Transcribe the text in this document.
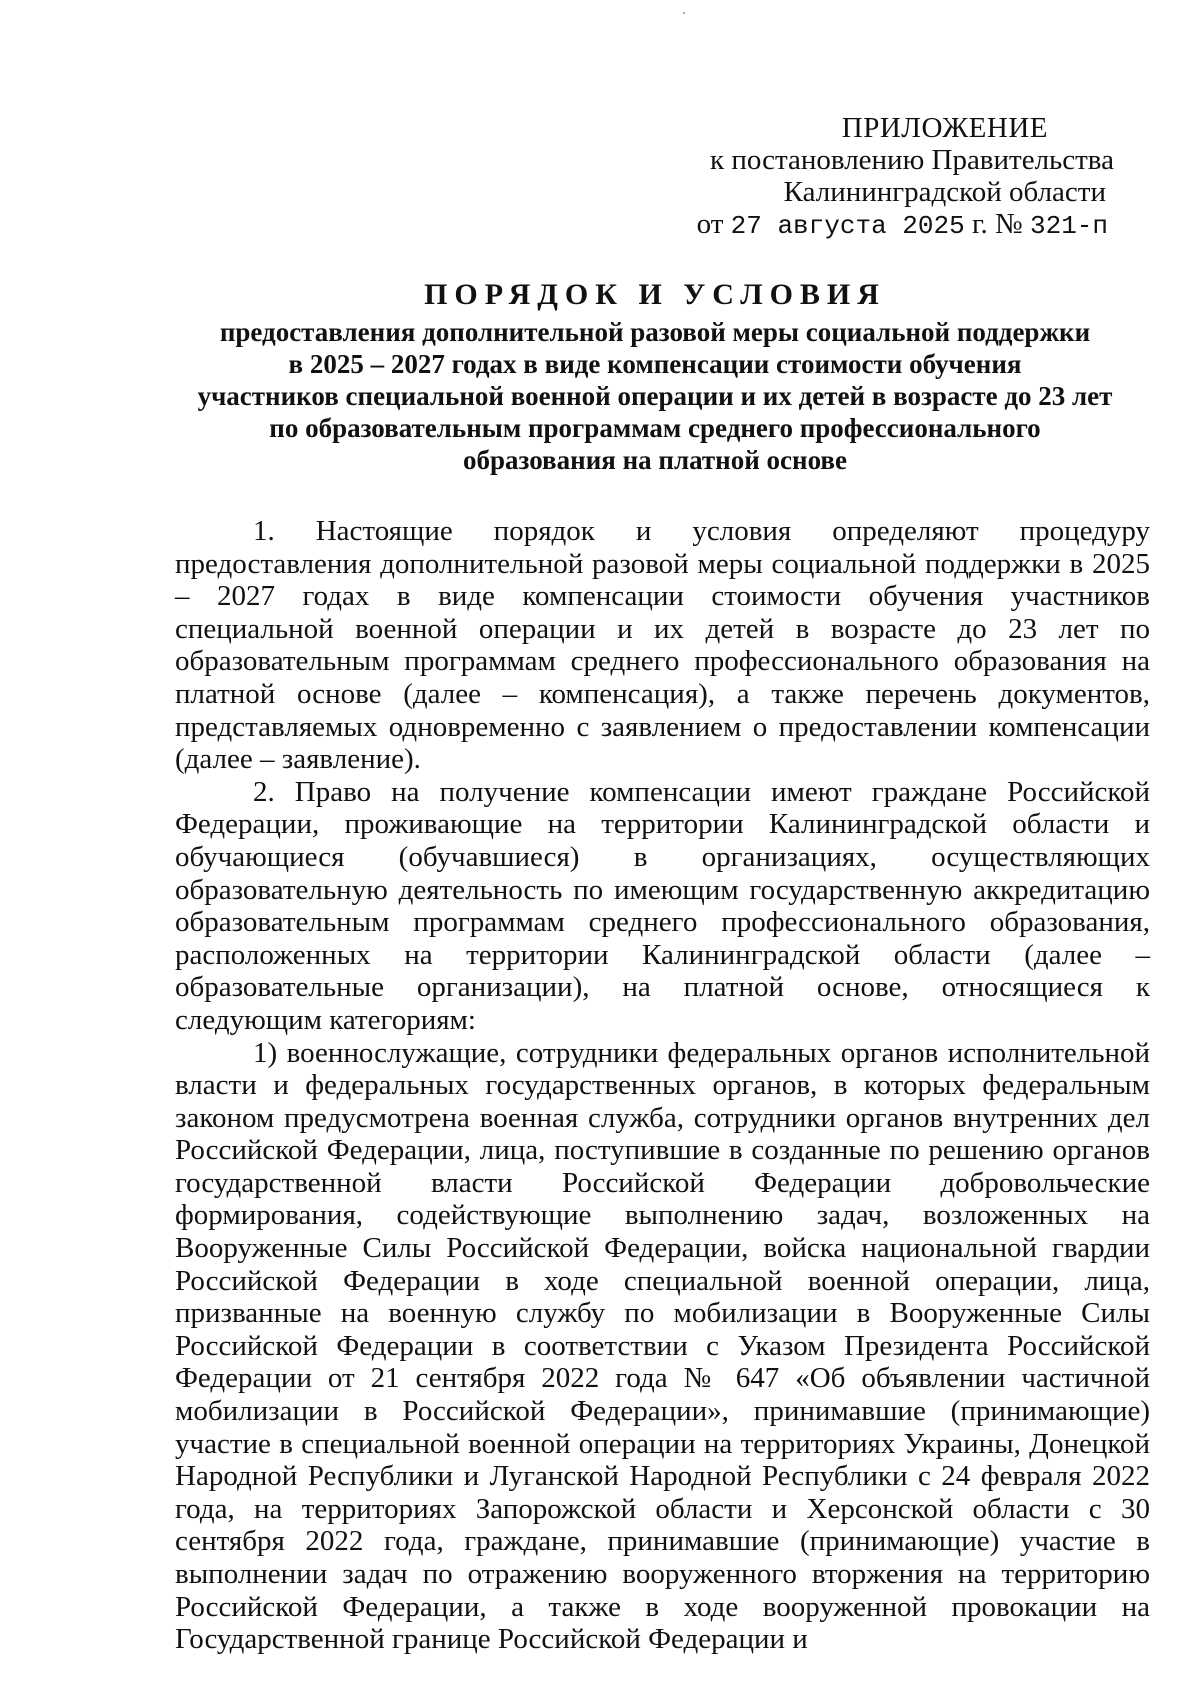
ПРИЛОЖЕНИЕ
к постановлению Правительства
Калининградской области
от 27 августа 2025 г. № 321-п
ПОРЯДОК И УСЛОВИЯ
предоставления дополнительной разовой меры социальной поддержки
в 2025 – 2027 годах в виде компенсации стоимости обучения
участников специальной военной операции и их детей в возрасте до 23 лет
по образовательным программам среднего профессионального
образования на платной основе

1. Настоящие порядок и условия определяют процедуру предоставления дополнительной разовой меры социальной поддержки в 2025 – 2027 годах в виде компенсации стоимости обучения участников специальной военной операции и их детей в возрасте до 23 лет по образовательным программам среднего профессионального образования на платной основе (далее – компенсация), а также перечень документов, представляемых одновременно с заявлением о предоставлении компенсации (далее – заявление).

2. Право на получение компенсации имеют граждане Российской Федерации, проживающие на территории Калининградской области и обучающиеся (обучавшиеся) в организациях, осуществляющих образовательную деятельность по имеющим государственную аккредитацию образовательным программам среднего профессионального образования, расположенных на территории Калининградской области (далее – образовательные организации), на платной основе, относящиеся к следующим категориям:

1) военнослужащие, сотрудники федеральных органов исполнительной власти и федеральных государственных органов, в которых федеральным законом предусмотрена военная служба, сотрудники органов внутренних дел Российской Федерации, лица, поступившие в созданные по решению органов государственной власти Российской Федерации добровольческие формирования, содействующие выполнению задач, возложенных на Вооруженные Силы Российской Федерации, войска национальной гвардии Российской Федерации в ходе специальной военной операции, лица, призванные на военную службу по мобилизации в Вооруженные Силы Российской Федерации в соответствии с Указом Президента Российской Федерации от 21 сентября 2022 года № 647 «Об объявлении частичной мобилизации в Российской Федерации», принимавшие (принимающие) участие в специальной военной операции на территориях Украины, Донецкой Народной Республики и Луганской Народной Республики с 24 февраля 2022 года, на территориях Запорожской области и Херсонской области с 30 сентября 2022 года, граждане, принимавшие (принимающие) участие в выполнении задач по отражению вооруженного вторжения на территорию Российской Федерации, а также в ходе вооруженной провокации на Государственной границе Российской Федерации и
